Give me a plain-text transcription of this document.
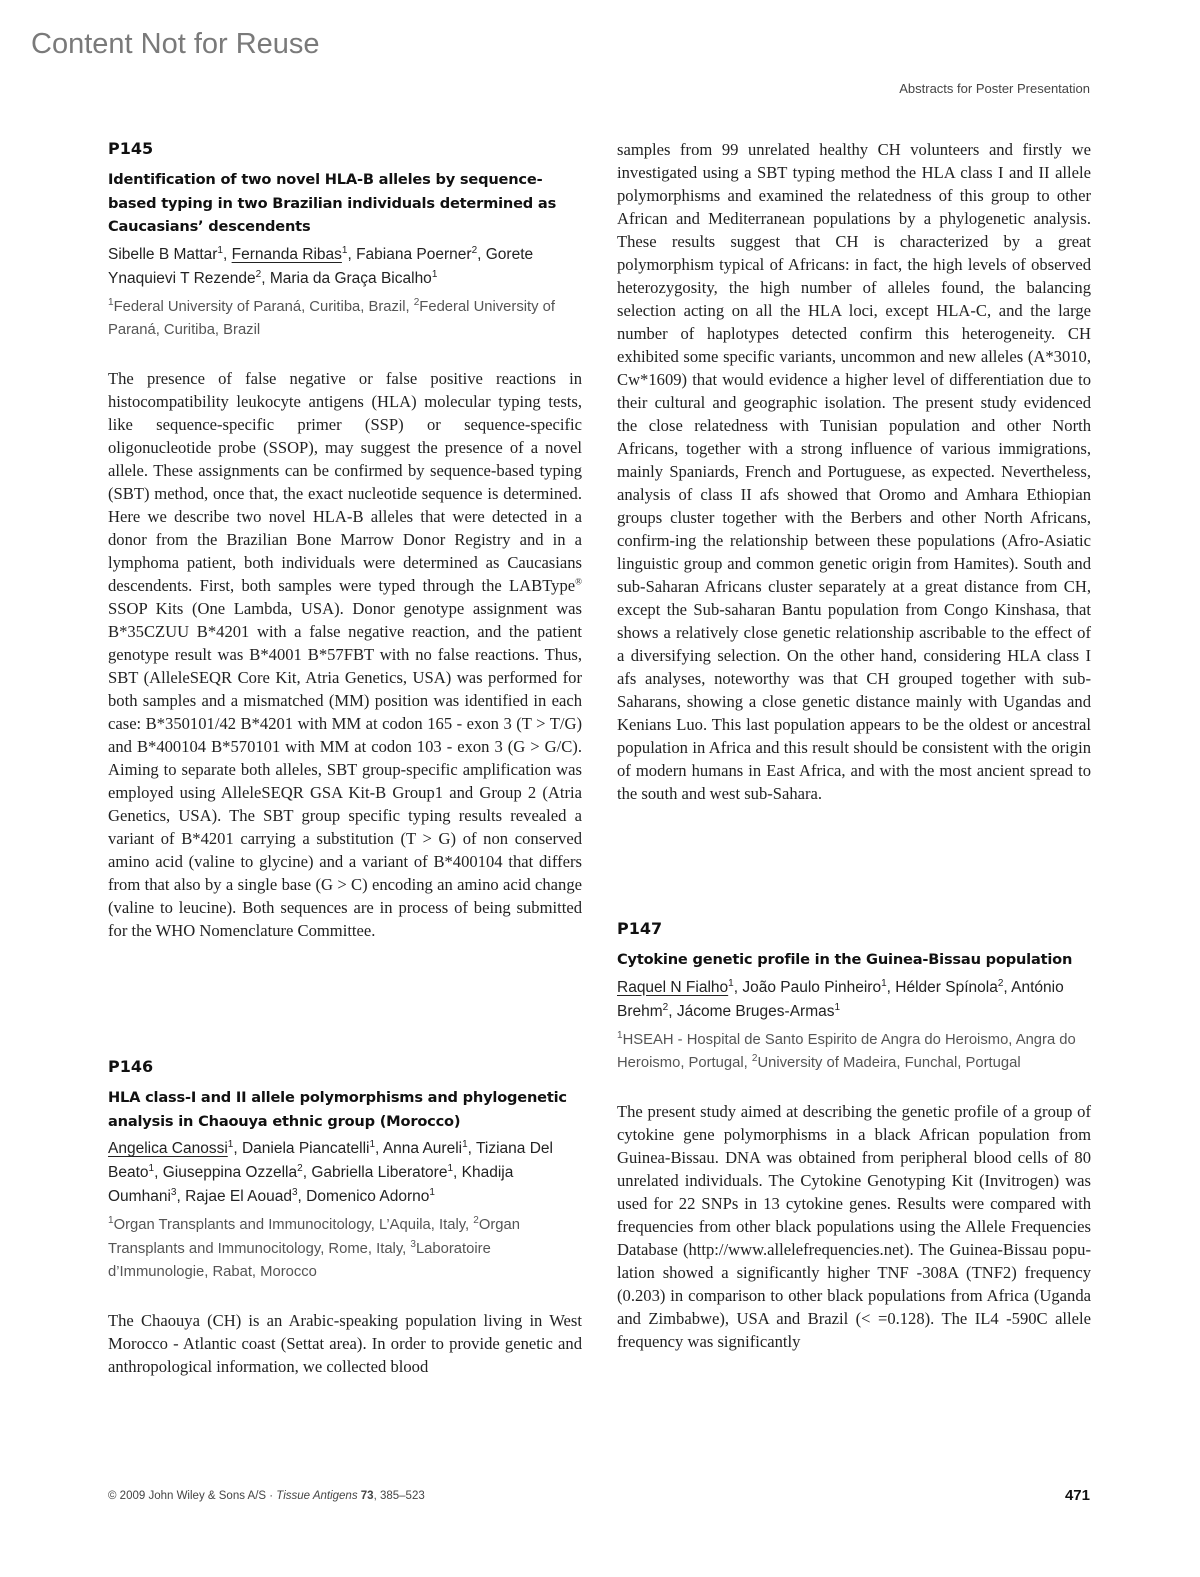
Content Not for Reuse
Abstracts for Poster Presentation
P145
Identification of two novel HLA-B alleles by sequence-based typing in two Brazilian individuals determined as Caucasians’ descendents
Sibelle B Mattar$^1$, Fernanda Ribas$^1$, Fabiana Poerner$^2$, Gorete Ynaquievi T Rezende$^2$, Maria da Graça Bicalho$^1$
$^1$Federal University of Paraná, Curitiba, Brazil, $^2$Federal University of Paraná, Curitiba, Brazil

The presence of false negative or false positive reactions in histocompatibility leukocyte antigens (HLA) molecular typing tests, like sequence-specific primer (SSP) or sequence-specific oligonucleotide probe (SSOP), may suggest the presence of a novel allele. These assignments can be confirmed by sequence-based typing (SBT) method, once that, the exact nucleotide sequence is determined. Here we describe two novel HLA-B alleles that were detected in a donor from the Brazilian Bone Marrow Donor Registry and in a lymphoma patient, both individuals were determined as Caucasians descendents. First, both samples were typed through the LABType® SSOP Kits (One Lambda, USA). Donor genotype assignment was B*35CZUU B*4201 with a false negative reaction, and the patient genotype result was B*4001 B*57FBT with no false reactions. Thus, SBT (AlleleSEQR Core Kit, Atria Genetics, USA) was performed for both samples and a mismatched (MM) position was identified in each case: B*350101/42 B*4201 with MM at codon 165 - exon 3 (T > T/G) and B*400104 B*570101 with MM at codon 103 - exon 3 (G > G/C). Aiming to separate both alleles, SBT group-specific amplification was employed using AlleleSEQR GSA Kit-B Group1 and Group 2 (Atria Genetics, USA). The SBT group specific typing results revealed a variant of B*4201 carrying a substitution (T > G) of non conserved amino acid (valine to glycine) and a variant of B*400104 that differs from that also by a single base (G > C) encoding an amino acid change (valine to leucine). Both sequences are in process of being submitted for the WHO Nomenclature Committee.

P146
HLA class-I and II allele polymorphisms and phylogenetic analysis in Chaouya ethnic group (Morocco)
Angelica Canossi$^1$, Daniela Piancatelli$^1$, Anna Aureli$^1$, Tiziana Del Beato$^1$, Giuseppina Ozzella$^2$, Gabriella Liberatore$^1$, Khadija Oumhani$^3$, Rajae El Aouad$^3$, Domenico Adorno$^1$
$^1$Organ Transplants and Immunocitology, L’Aquila, Italy, $^2$Organ Transplants and Immunocitology, Rome, Italy, $^3$Laboratoire d’Immunologie, Rabat, Morocco

The Chaouya (CH) is an Arabic-speaking population living in West Morocco - Atlantic coast (Settat area). In order to provide genetic and anthropological information, we collected blood

samples from 99 unrelated healthy CH volunteers and firstly we investigated using a SBT typing method the HLA class I and II allele polymorphisms and examined the relatedness of this group to other African and Mediterranean populations by a phylogenetic analysis. These results suggest that CH is characterized by a great polymorphism typical of Africans: in fact, the high levels of observed heterozygosity, the high number of alleles found, the balancing selection acting on all the HLA loci, except HLA-C, and the large number of haplotypes detected confirm this heterogeneity. CH exhibited some specific variants, uncommon and new alleles (A*3010, Cw*1609) that would evidence a higher level of differentiation due to their cultural and geographic isolation. The present study evidenced the close relatedness with Tunisian population and other North Africans, together with a strong influence of various immigrations, mainly Spaniards, French and Portuguese, as expected. Nevertheless, analysis of class II afs showed that Oromo and Amhara Ethiopian groups cluster together with the Berbers and other North Africans, confirm-ing the relationship between these populations (Afro-Asiatic linguistic group and common genetic origin from Hamites). South and sub-Saharan Africans cluster separately at a great distance from CH, except the Sub-saharan Bantu population from Congo Kinshasa, that shows a relatively close genetic relationship ascribable to the effect of a diversifying selection. On the other hand, considering HLA class I afs analyses, noteworthy was that CH grouped together with sub-Saharans, showing a close genetic distance mainly with Ugandas and Kenians Luo. This last population appears to be the oldest or ancestral population in Africa and this result should be consistent with the origin of modern humans in East Africa, and with the most ancient spread to the south and west sub-Sahara.

P147
Cytokine genetic profile in the Guinea-Bissau population
Raquel N Fialho$^1$, João Paulo Pinheiro$^1$, Hélder Spínola$^2$, António Brehm$^2$, Jácome Bruges-Armas$^1$
$^1$HSEAH - Hospital de Santo Espirito de Angra do Heroismo, Angra do Heroismo, Portugal, $^2$University of Madeira, Funchal, Portugal

The present study aimed at describing the genetic profile of a group of cytokine gene polymorphisms in a black African population from Guinea-Bissau. DNA was obtained from peripheral blood cells of 80 unrelated individuals. The Cytokine Genotyping Kit (Invitrogen) was used for 22 SNPs in 13 cytokine genes. Results were compared with frequencies from other black populations using the Allele Frequencies Database (http://www.allelefrequencies.net). The Guinea-Bissau popu-lation showed a significantly higher TNF -308A (TNF2) frequency (0.203) in comparison to other black populations from Africa (Uganda and Zimbabwe), USA and Brazil (< =0.128). The IL4 -590C allele frequency was significantly

© 2009 John Wiley & Sons A/S · Tissue Antigens 73, 385–523	471
